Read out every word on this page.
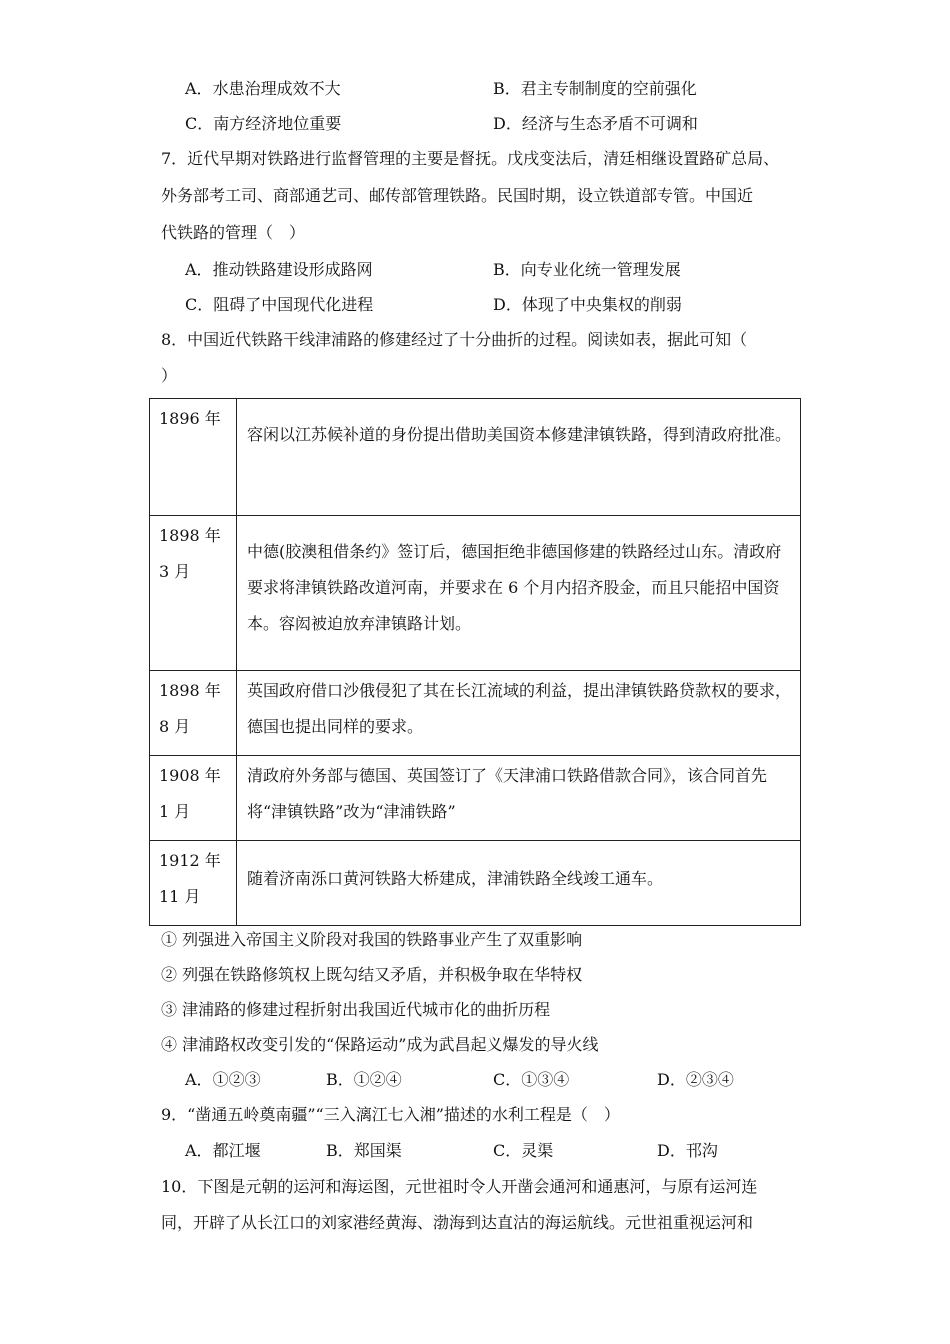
A．水患治理成效不大	B．君主专制制度的空前强化
C．南方经济地位重要	D．经济与生态矛盾不可调和
7．近代早期对铁路进行监督管理的主要是督抚。戊戌变法后，清廷相继设置路矿总局、
外务部考工司、商部通艺司、邮传部管理铁路。民国时期，设立铁道部专管。中国近
代铁路的管理（　）
A．推动铁路建设形成路网	B．向专业化统一管理发展
C．阻碍了中国现代化进程	D．体现了中央集权的削弱
8．中国近代铁路干线津浦路的修建经过了十分曲折的过程。阅读如表，据此可知（
）
1896 年	容闲以江苏候补道的身份提出借助美国资本修建津镇铁路，得到清政府批准。

1898 年 3 月	中德(胶澳租借条约》签订后，德国拒绝非德国修建的铁路经过山东。清政府要求将津镇铁路改道河南，并要求在 6 个月内招齐股金，而且只能招中国资本。容闳被迫放弃津镇路计划。

1898 年 8 月	英国政府借口沙俄侵犯了其在长江流域的利益，提出津镇铁路贷款权的要求，德国也提出同样的要求。

1908 年 1 月	清政府外务部与德国、英国签订了《天津浦口铁路借款合同》，该合同首先将“津镇铁路”改为“津浦铁路”

1912 年 11 月	随着济南泺口黄河铁路大桥建成，津浦铁路全线竣工通车。
① 列强进入帝国主义阶段对我国的铁路事业产生了双重影响
② 列强在铁路修筑权上既勾结又矛盾，并积极争取在华特权
③ 津浦路的修建过程折射出我国近代城市化的曲折历程
④ 津浦路权改变引发的“保路运动”成为武昌起义爆发的导火线
A．①②③	B．①②④	C．①③④	D．②③④
9．“凿通五岭奠南疆”“三入漓江七入湘”描述的水利工程是（　）
A．都江堰	B．郑国渠	C．灵渠	D．邗沟
10．下图是元朝的运河和海运图，元世祖时令人开凿会通河和通惠河，与原有运河连
同，开辟了从长江口的刘家港经黄海、渤海到达直沽的海运航线。元世祖重视运河和
